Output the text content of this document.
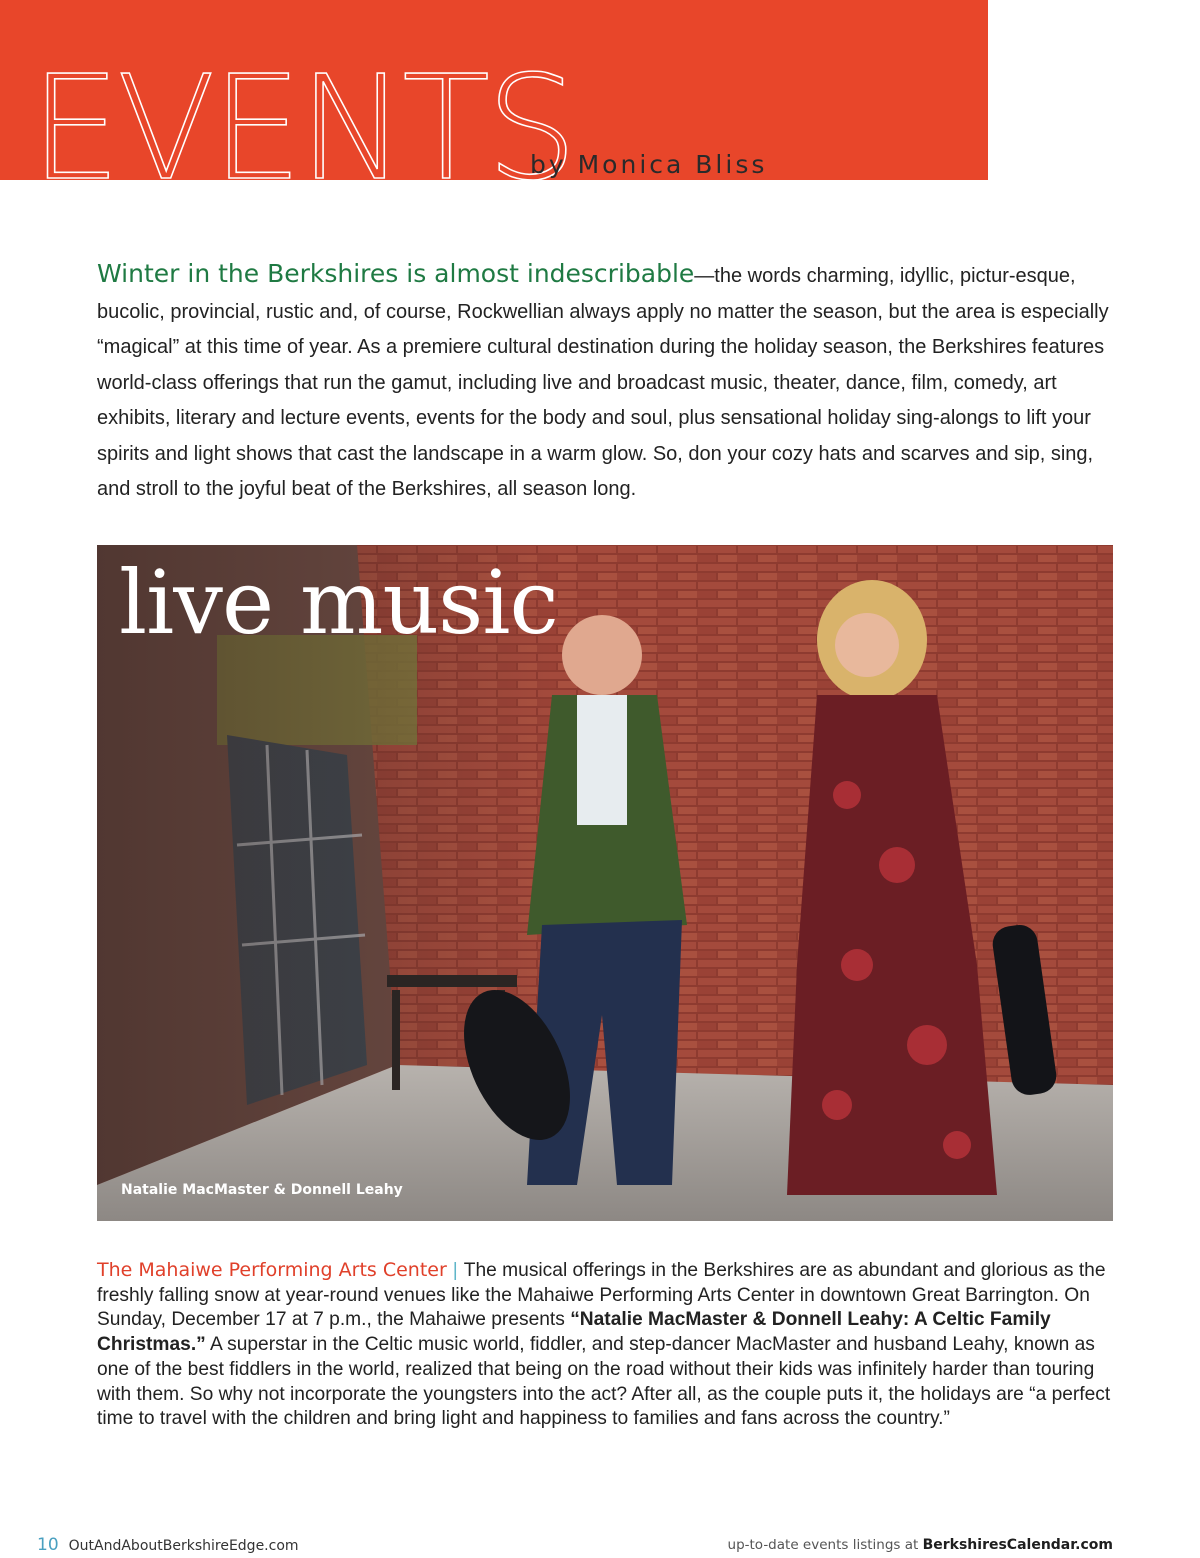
EVENTS
by Monica Bliss

Winter in the Berkshires is almost indescribable—the words charming, idyllic, pictur-esque, bucolic, provincial, rustic and, of course, Rockwellian always apply no matter the season, but the area is especially “magical” at this time of year. As a premiere cultural destination during the holiday season, the Berkshires features world-class offerings that run the gamut, including live and broadcast music, theater, dance, film, comedy, art exhibits, literary and lecture events, events for the body and soul, plus sensational holiday sing-alongs to lift your spirits and light shows that cast the landscape in a warm glow. So, don your cozy hats and scarves and sip, sing, and stroll to the joyful beat of the Berkshires, all season long.

live music
Natalie MacMaster & Donnell Leahy

The Mahaiwe Performing Arts Center | The musical offerings in the Berkshires are as abundant and glorious as the freshly falling snow at year-round venues like the Mahaiwe Performing Arts Center in downtown Great Barrington. On Sunday, December 17 at 7 p.m., the Mahaiwe presents “Natalie MacMaster & Donnell Leahy: A Celtic Family Christmas.” A superstar in the Celtic music world, fiddler, and step-dancer MacMaster and husband Leahy, known as one of the best fiddlers in the world, realized that being on the road without their kids was infinitely harder than touring with them. So why not incorporate the youngsters into the act? After all, as the couple puts it, the holidays are “a perfect time to travel with the children and bring light and happiness to families and fans across the country.”

10 OutAndAboutBerkshireEdge.com	up-to-date events listings at BerkshiresCalendar.com
